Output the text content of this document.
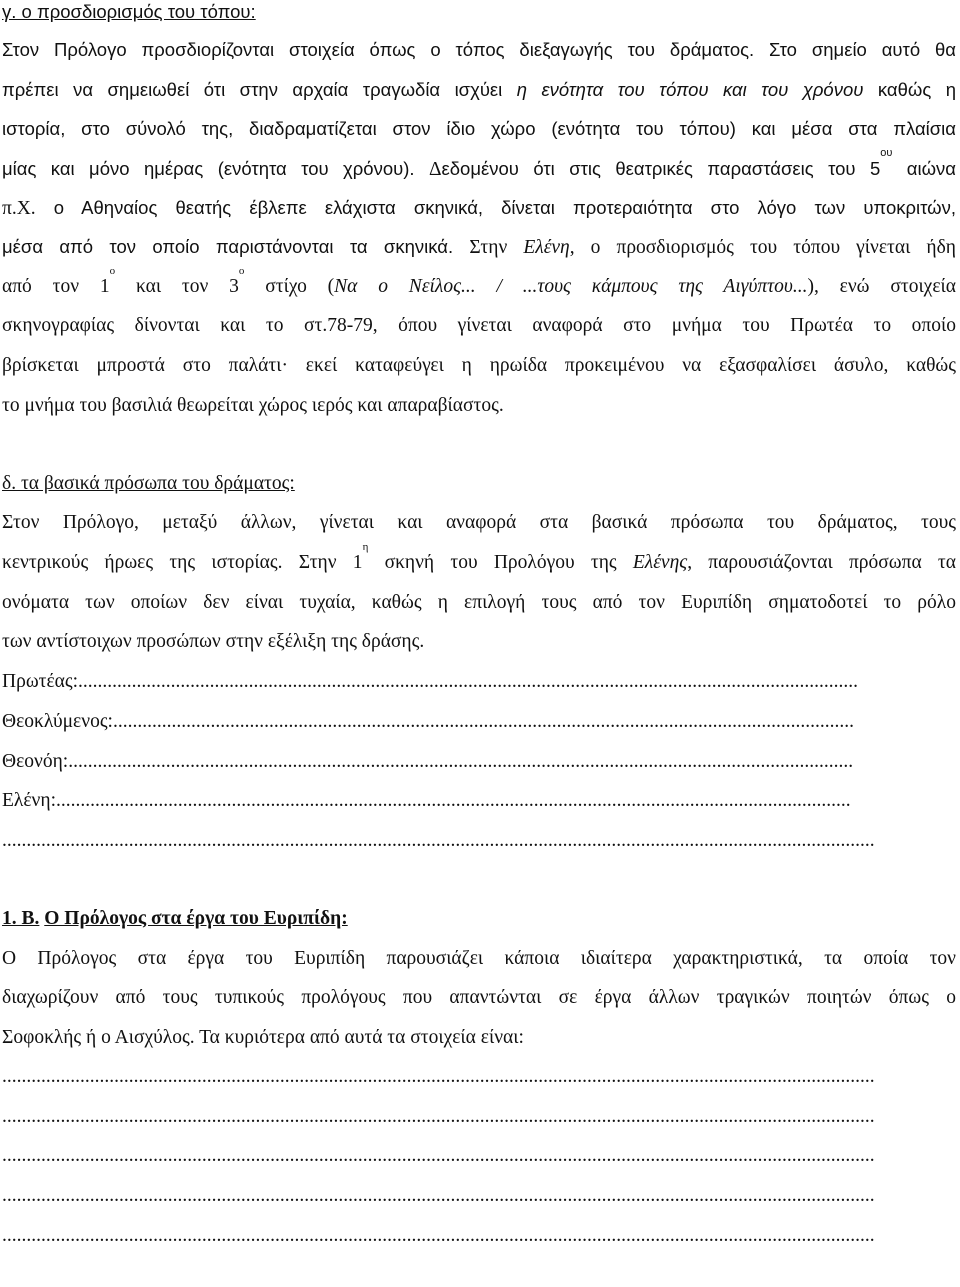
γ. ο προσδιορισμός του τόπου:
Στον Πρόλογο προσδιορίζονται στοιχεία όπως ο τόπος διεξαγωγής του δράματος. Στο σημείο αυτό θα
πρέπει να σημειωθεί ότι στην αρχαία τραγωδία ισχύει η ενότητα του τόπου και του χρόνου καθώς η
ιστορία, στο σύνολό της, διαδραματίζεται στον ίδιο χώρο (ενότητα του τόπου) και μέσα στα πλαίσια
μίας και μόνο ημέρας (ενότητα του χρόνου). Δεδομένου ότι στις θεατρικές παραστάσεις του $5^{o\upsilon}$ αιώνα
π.Χ. ο Αθηναίος θεατής έβλεπε ελάχιστα σκηνικά, δίνεται προτεραιότητα στο λόγο των υποκριτών,
μέσα από τον οποίο παριστάνονται τα σκηνικά. Στην Ελένη, ο προσδιορισμός του τόπου γίνεται ήδη
από τον $1^o$ και τον $3^o$ στίχο (Να ο Νείλος... / ...τους κάμπους της Αιγύπτου...), ενώ στοιχεία
σκηνογραφίας δίνονται και το στ.78-79, όπου γίνεται αναφορά στο μνήμα του Πρωτέα το οποίο
βρίσκεται μπροστά στο παλάτι· εκεί καταφεύγει η ηρωίδα προκειμένου να εξασφαλίσει άσυλο, καθώς
το μνήμα του βασιλιά θεωρείται χώρος ιερός και απαραβίαστος.
δ. τα βασικά πρόσωπα του δράματος:
Στον Πρόλογο, μεταξύ άλλων, γίνεται και αναφορά στα βασικά πρόσωπα του δράματος, τους
κεντρικούς ήρωες της ιστορίας. Στην $1^\eta$ σκηνή του Προλόγου της Ελένης, παρουσιάζονται πρόσωπα τα
ονόματα των οποίων δεν είναι τυχαία, καθώς η επιλογή τους από τον Ευριπίδη σηματοδοτεί το ρόλο
των αντίστοιχων προσώπων στην εξέλιξη της δράσης.
Πρωτέας:................................................................................................................................................................
Θεοκλύμενος:........................................................................................................................................................
Θεονόη:.................................................................................................................................................................
Ελένη:...................................................................................................................................................................
...................................................................................................................................................................................
1. Β. Ο Πρόλογος στα έργα του Ευριπίδη:
Ο Πρόλογος στα έργα του Ευριπίδη παρουσιάζει κάποια ιδιαίτερα χαρακτηριστικά, τα οποία τον
διαχωρίζουν από τους τυπικούς προλόγους που απαντώνται σε έργα άλλων τραγικών ποιητών όπως ο
Σοφοκλής ή ο Αισχύλος. Τα κυριότερα από αυτά τα στοιχεία είναι:
...................................................................................................................................................................................
...................................................................................................................................................................................
...................................................................................................................................................................................
...................................................................................................................................................................................
...................................................................................................................................................................................
